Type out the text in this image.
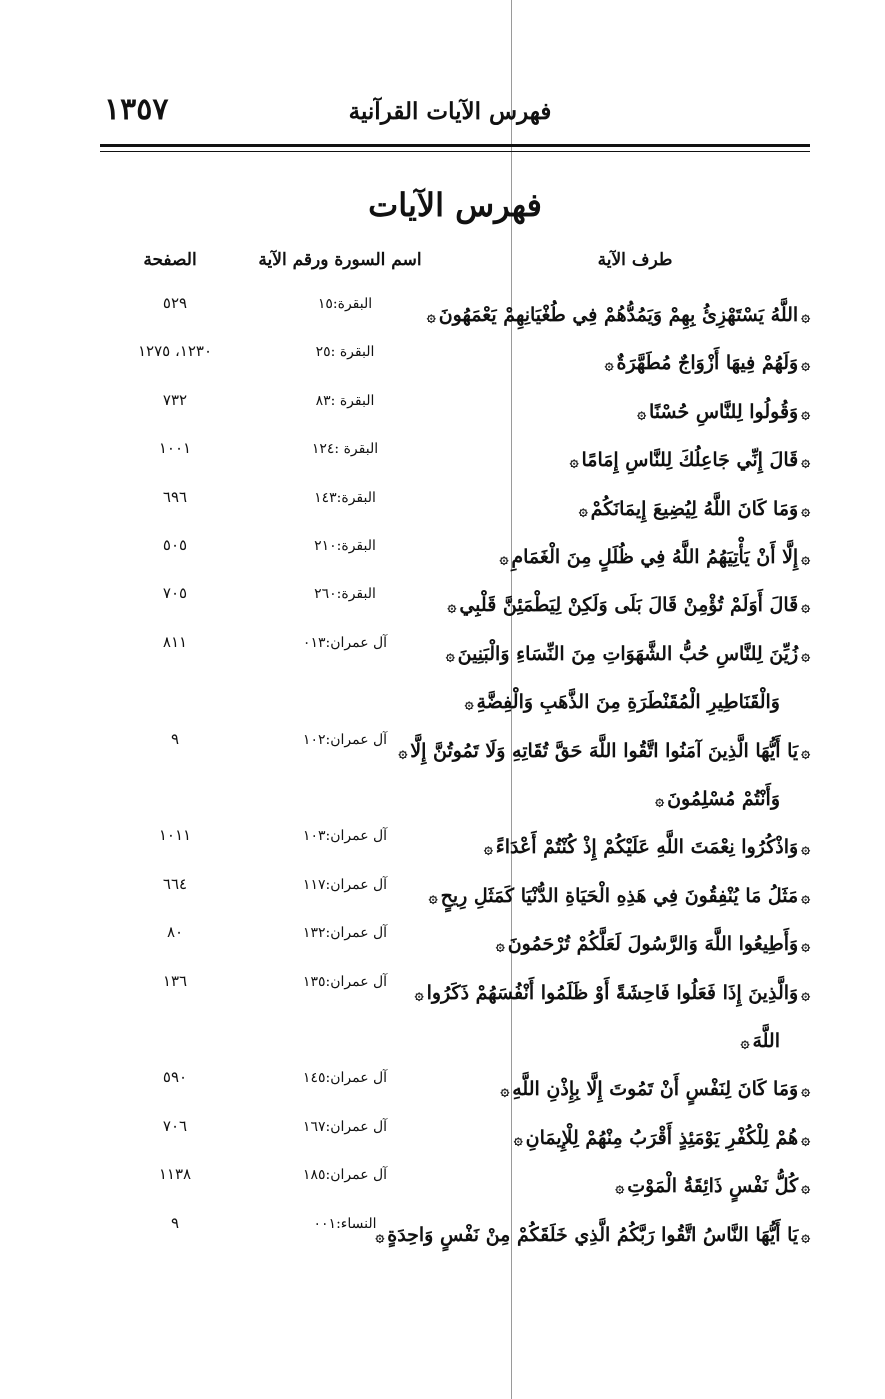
فهرس الآيات القرآنية
١٣٥٧
فهرس الآيات
طرف الآية
اسم السورة ورقم الآية
الصفحة
۞اللَّهُ يَسْتَهْزِئُ بِهِمْ وَيَمُدُّهُمْ فِي طُغْيَانِهِمْ يَعْمَهُونَ۞
البقرة:١٥
٥٢٩
۞وَلَهُمْ فِيهَا أَزْوَاجٌ مُطَهَّرَةٌ۞
البقرة :٢٥
١٢٣٠، ١٢٧٥
۞وَقُولُوا لِلنَّاسِ حُسْنًا۞
البقرة :٨٣
٧٣٢
۞قَالَ إِنِّي جَاعِلُكَ لِلنَّاسِ إِمَامًا۞
البقرة :١٢٤
١٠٠١
۞وَمَا كَانَ اللَّهُ لِيُضِيعَ إِيمَانَكُمْ۞
البقرة:١٤٣
٦٩٦
۞إِلَّا أَنْ يَأْتِيَهُمُ اللَّهُ فِي ظُلَلٍ مِنَ الْغَمَامِ۞
البقرة:٢١٠
٥٠٥
۞قَالَ أَوَلَمْ تُؤْمِنْ قَالَ بَلَى وَلَكِنْ لِيَطْمَئِنَّ قَلْبِي۞
البقرة:٢٦٠
٧٠٥
۞زُيِّنَ لِلنَّاسِ حُبُّ الشَّهَوَاتِ مِنَ النِّسَاءِ وَالْبَنِينَ۞
آل عمران:٠١٣
٨١١
وَالْقَنَاطِيرِ الْمُقَنْطَرَةِ مِنَ الذَّهَبِ وَالْفِضَّةِ۞
۞يَا أَيُّهَا الَّذِينَ آمَنُوا اتَّقُوا اللَّهَ حَقَّ تُقَاتِهِ وَلَا تَمُوتُنَّ إِلَّا۞
آل عمران:١٠٢
٩
وَأَنْتُمْ مُسْلِمُونَ۞
۞وَاذْكُرُوا نِعْمَتَ اللَّهِ عَلَيْكُمْ إِذْ كُنْتُمْ أَعْدَاءً۞
آل عمران:١٠٣
١٠١١
۞مَثَلُ مَا يُنْفِقُونَ فِي هَذِهِ الْحَيَاةِ الدُّنْيَا كَمَثَلِ رِيحٍ۞
آل عمران:١١٧
٦٦٤
۞وَأَطِيعُوا اللَّهَ وَالرَّسُولَ لَعَلَّكُمْ تُرْحَمُونَ۞
آل عمران:١٣٢
٨٠
۞وَالَّذِينَ إِذَا فَعَلُوا فَاحِشَةً أَوْ ظَلَمُوا أَنْفُسَهُمْ ذَكَرُوا۞
آل عمران:١٣٥
١٣٦
اللَّهَ۞
۞وَمَا كَانَ لِنَفْسٍ أَنْ تَمُوتَ إِلَّا بِإِذْنِ اللَّهِ۞
آل عمران:١٤٥
٥٩٠
۞هُمْ لِلْكُفْرِ يَوْمَئِذٍ أَقْرَبُ مِنْهُمْ لِلْإِيمَانِ۞
آل عمران:١٦٧
٧٠٦
۞كُلُّ نَفْسٍ ذَائِقَةُ الْمَوْتِ۞
آل عمران:١٨٥
١١٣٨
۞يَا أَيُّهَا النَّاسُ اتَّقُوا رَبَّكُمُ الَّذِي خَلَقَكُمْ مِنْ نَفْسٍ وَاحِدَةٍ۞
النساء:٠٠١
٩
